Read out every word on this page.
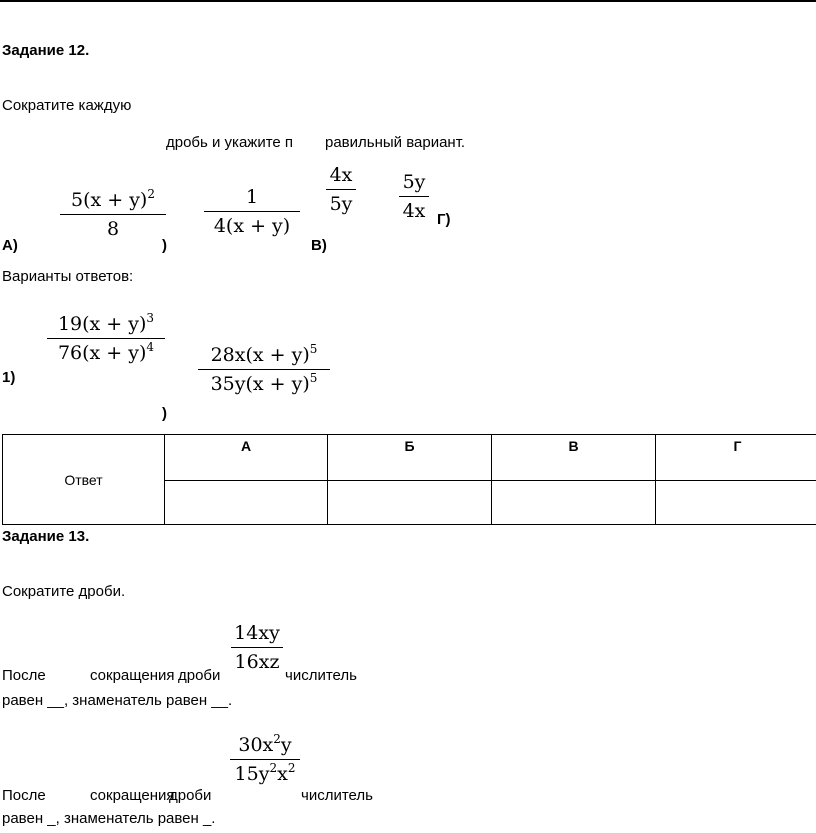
Задание 12.
Сократите каждую
дробь и укажите п равильный вариант.
$5(x + y)^2$
8
А)	)
1
4(x + y)
В)
4x
5y
5y
4x Г)
Варианты ответов:
$19(x + y)^3$
$76(x + y)^4$
1)
$28x(x + y)^5$
$35y(x + y)^5$
)
Ответ	А	Б	В	Г

Задание 13.
Сократите дроби.
14xy
16xz
После	сокращения дроби	числитель
равен __, знаменатель равен __.
$30x^2y$
$15y^2x^2$
После	сокращения
дроби	числитель
равен _, знаменатель равен _.
